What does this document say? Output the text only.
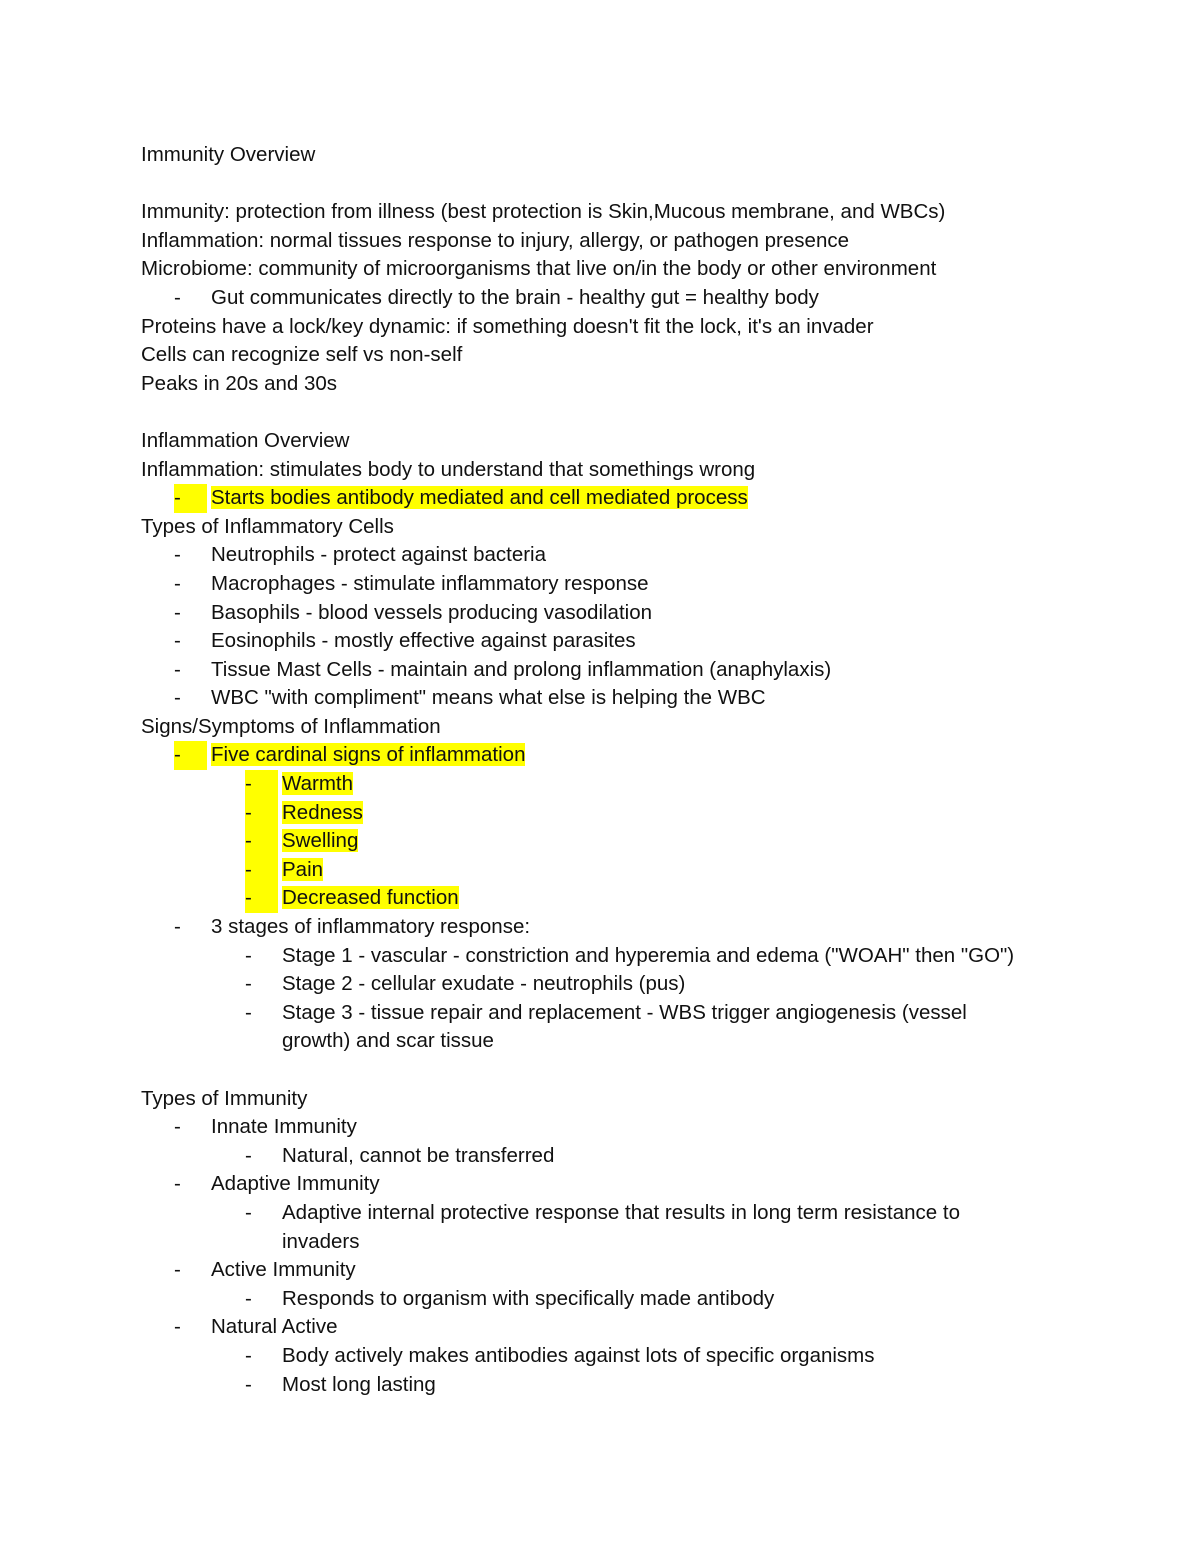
Immunity Overview
Immunity: protection from illness (best protection is Skin,Mucous membrane, and WBCs)
Inflammation: normal tissues response to injury, allergy, or pathogen presence
Microbiome: community of microorganisms that live on/in the body or other environment
- Gut communicates directly to the brain - healthy gut = healthy body
Proteins have a lock/key dynamic: if something doesn't fit the lock, it's an invader
Cells can recognize self vs non-self
Peaks in 20s and 30s
Inflammation Overview
Inflammation: stimulates body to understand that somethings wrong
-	Starts bodies antibody mediated and cell mediated process
Types of Inflammatory Cells
- Neutrophils - protect against bacteria
- Macrophages - stimulate inflammatory response
- Basophils - blood vessels producing vasodilation
- Eosinophils - mostly effective against parasites
- Tissue Mast Cells - maintain and prolong inflammation (anaphylaxis)
- WBC "with compliment" means what else is helping the WBC
Signs/Symptoms of Inflammation
-	Five cardinal signs of inflammation
-	Warmth
-	Redness
-	Swelling
-	Pain
-	Decreased function
- 3 stages of inflammatory response:
- Stage 1 - vascular - constriction and hyperemia and edema ("WOAH" then "GO")
- Stage 2 - cellular exudate - neutrophils (pus)
- Stage 3 - tissue repair and replacement - WBS trigger angiogenesis (vessel growth) and scar tissue
Types of Immunity
- Innate Immunity
- Natural, cannot be transferred
- Adaptive Immunity
- Adaptive internal protective response that results in long term resistance to invaders
- Active Immunity
- Responds to organism with specifically made antibody
- Natural Active
- Body actively makes antibodies against lots of specific organisms
- Most long lasting
